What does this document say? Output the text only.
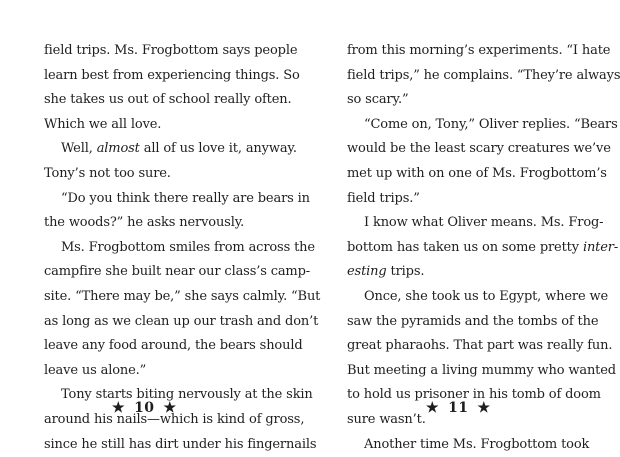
field trips. Ms. Frogbottom says people
learn best from experiencing things. So
she takes us out of school really often.
Which we all love.
Well, almost all of us love it, anyway.
Tony’s not too sure.
“Do you think there really are bears in
the woods?” he asks nervously.
Ms. Frogbottom smiles from across the
campfire she built near our class’s camp-
site. “There may be,” she says calmly. “But
as long as we clean up our trash and don’t
leave any food around, the bears should
leave us alone.”
Tony starts biting nervously at the skin
around his nails—which is kind of gross,
since he still has dirt under his fingernails
★ 10 ★
from this morning’s experiments. “I hate
field trips,” he complains. “They’re always
so scary.”
“Come on, Tony,” Oliver replies. “Bears
would be the least scary creatures we’ve
met up with on one of Ms. Frogbottom’s
field trips.”
I know what Oliver means. Ms. Frog-
bottom has taken us on some pretty inter-
esting trips.
Once, she took us to Egypt, where we
saw the pyramids and the tombs of the
great pharaohs. That part was really fun.
But meeting a living mummy who wanted
to hold us prisoner in his tomb of doom
sure wasn’t.
Another time Ms. Frogbottom took
★ 11 ★
